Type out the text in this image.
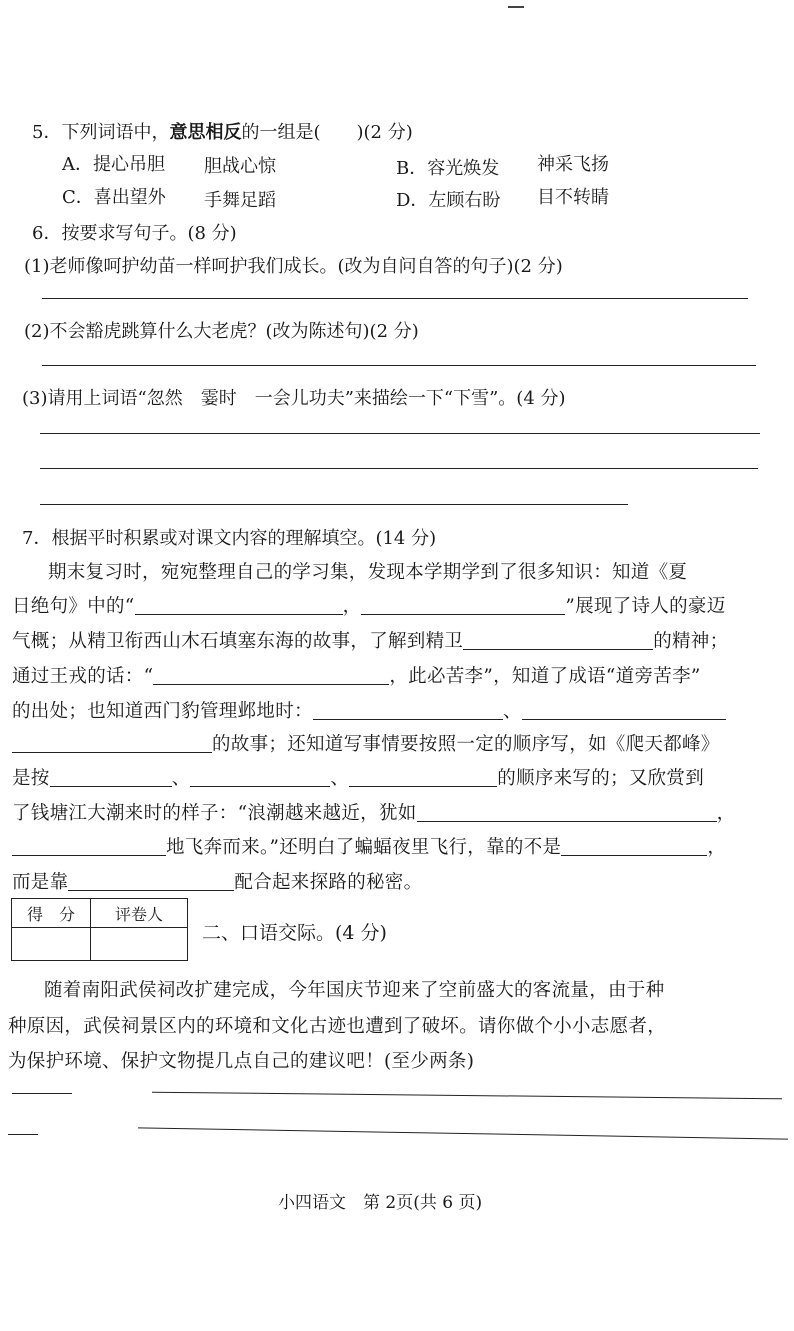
5．下列词语中，意思相反的一组是(　　)(2 分)
A．提心吊胆 胆战心惊	B．容光焕发 神采飞扬
C．喜出望外 手舞足蹈	D．左顾右盼 目不转睛
6．按要求写句子。(8 分)
(1)老师像呵护幼苗一样呵护我们成长。(改为自问自答的句子)(2 分)
(2)不会豁虎跳算什么大老虎？(改为陈述句)(2 分)
(3)请用上词语“忽然　霎时　一会儿功夫”来描绘一下“下雪”。(4 分)
7．根据平时积累或对课文内容的理解填空。(14 分)
期末复习时，宛宛整理自己的学习集，发现本学期学到了很多知识：知道《夏
日绝句》中的“	，	”展现了诗人的豪迈
气概；从精卫衔西山木石填塞东海的故事，了解到精卫	的精神；
通过王戎的话：“	，此必苦李”，知道了成语“道旁苦李”
的出处；也知道西门豹管理邺地时：	、
的故事；还知道写事情要按照一定的顺序写，如《爬天都峰》
是按	、	、	的顺序来写的；又欣赏到
了钱塘江大潮来时的样子：“浪潮越来越近，犹如	，
地飞奔而来。”还明白了蝙蝠夜里飞行，靠的不是	，
而是靠	配合起来探路的秘密。
得　分	评卷人

二、口语交际。(4 分)
随着南阳武侯祠改扩建完成，今年国庆节迎来了空前盛大的客流量，由于种
种原因，武侯祠景区内的环境和文化古迹也遭到了破坏。请你做个小小志愿者，
为保护环境、保护文物提几点自己的建议吧！(至少两条)
小四语文　第 2页(共 6 页)
